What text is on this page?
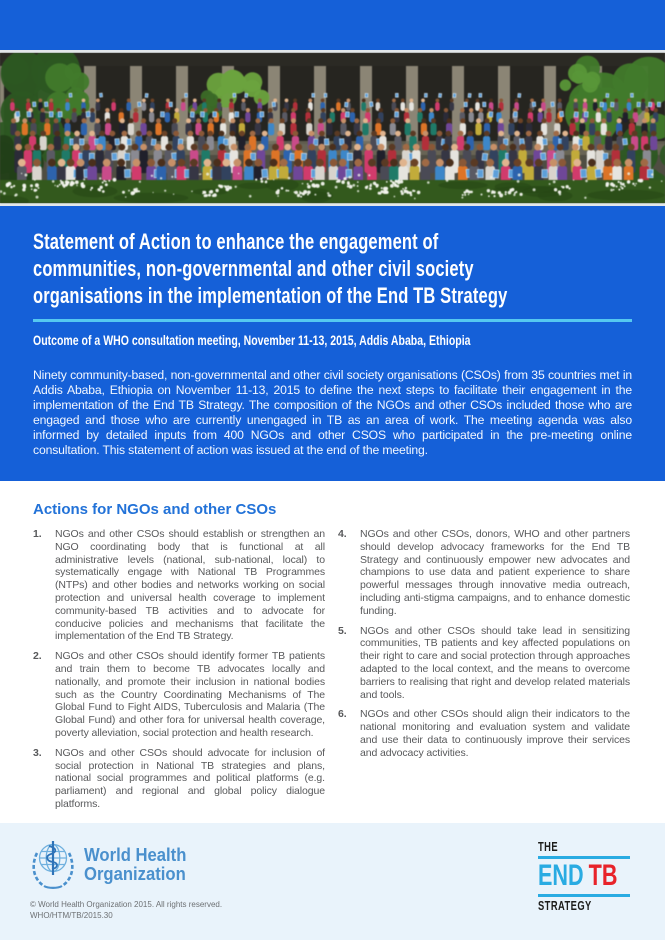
Statement of Action to enhance the engagement of
communities, non-governmental and other civil society
organisations in the implementation of the End TB Strategy
Outcome of a WHO consultation meeting, November 11-13, 2015, Addis Ababa, Ethiopia

Ninety community-based, non-governmental and other civil society organisations (CSOs) from 35 countries met in Addis Ababa, Ethiopia on November 11-13, 2015 to define the next steps to facilitate their engagement in the implementation of the End TB Strategy. The composition of the NGOs and other CSOs included those who are engaged and those who are currently unengaged in TB as an area of work. The meeting agenda was also informed by detailed inputs from 400 NGOs and other CSOS who participated in the pre-meeting online consultation. This statement of action was issued at the end of the meeting.

Actions for NGOs and other CSOs
1.	NGOs and other CSOs should establish or strengthen an NGO coordinating body that is functional at all administrative levels (national, sub-national, local) to systematically engage with National TB Programmes (NTPs) and other bodies and networks working on social protection and universal health coverage to implement community-based TB activities and to advocate for conducive policies and mechanisms that facilitate the implementation of the End TB Strategy.
2.	NGOs and other CSOs should identify former TB patients and train them to become TB advocates locally and nationally, and promote their inclusion in national bodies such as the Country Coordinating Mechanisms of The Global Fund to Fight AIDS, Tuberculosis and Malaria (The Global Fund) and other fora for universal health coverage, poverty alleviation, social protection and health research.
3.	NGOs and other CSOs should advocate for inclusion of social protection in National TB strategies and plans, national social programmes and political platforms (e.g. parliament) and regional and global policy dialogue platforms.
4.	NGOs and other CSOs, donors, WHO and other partners should develop advocacy frameworks for the End TB Strategy and continuously empower new advocates and champions to use data and patient experience to share powerful messages through innovative media outreach, including anti-stigma campaigns, and to enhance domestic funding.
5.	NGOs and other CSOs should take lead in sensitizing communities, TB patients and key affected populations on their right to care and social protection through approaches adapted to the local context, and the means to overcome barriers to realising that right and develop related materials and tools.
6.	NGOs and other CSOs should align their indicators to the national monitoring and evaluation system and validate and use their data to continuously improve their services and advocacy activities.
World Health
Organization
© World Health Organization 2015. All rights reserved.
WHO/HTM/TB/2015.30
THE
END TB
STRATEGY
